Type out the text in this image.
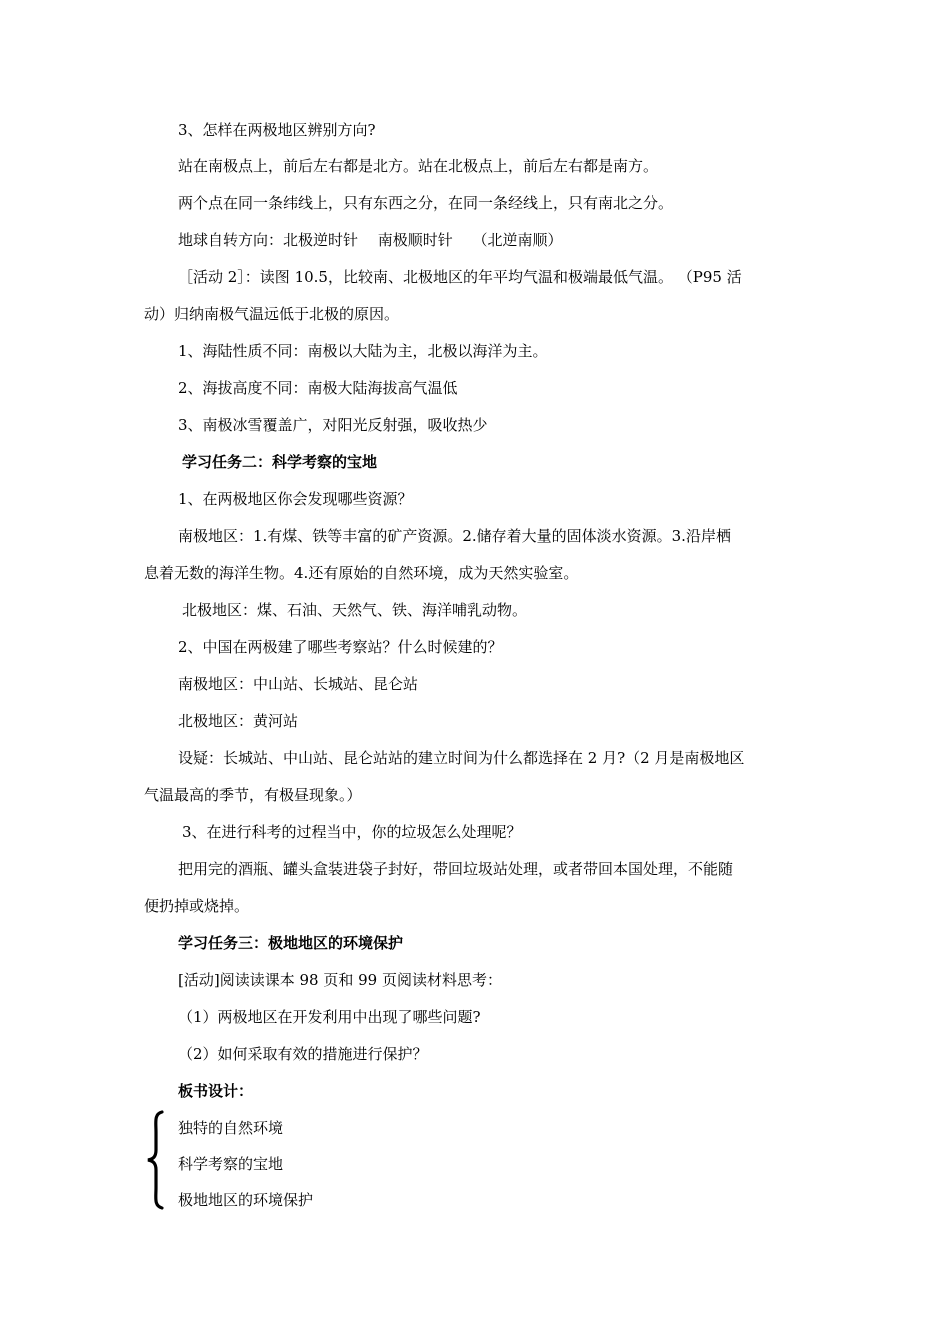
3、怎样在两极地区辨别方向?
站在南极点上，前后左右都是北方。站在北极点上，前后左右都是南方。
两个点在同一条纬线上，只有东西之分，在同一条经线上，只有南北之分。
地球自转方向：北极逆时针　 南极顺时针　 （北逆南顺）
［活动 2］：读图 10.5，比较南、北极地区的年平均气温和极端最低气温。 （P95 活
动）归纳南极气温远低于北极的原因。
1、海陆性质不同：南极以大陆为主，北极以海洋为主。
2、海拔高度不同：南极大陆海拔高气温低
3、南极冰雪覆盖广，对阳光反射强，吸收热少
学习任务二：科学考察的宝地
1、在两极地区你会发现哪些资源？
南极地区：1.有煤、铁等丰富的矿产资源。2.储存着大量的固体淡水资源。3.沿岸栖
息着无数的海洋生物。4.还有原始的自然环境，成为天然实验室。
北极地区：煤、石油、天然气、铁、海洋哺乳动物。
2、中国在两极建了哪些考察站？什么时候建的？
南极地区：中山站、长城站、昆仑站
北极地区：黄河站
设疑：长城站、中山站、昆仑站站的建立时间为什么都选择在 2 月?（2 月是南极地区
气温最高的季节，有极昼现象。）
3、在进行科考的过程当中，你的垃圾怎么处理呢？
把用完的酒瓶、罐头盒装进袋子封好，带回垃圾站处理，或者带回本国处理，不能随
便扔掉或烧掉。
学习任务三：极地地区的环境保护
[活动]阅读读课本 98 页和 99 页阅读材料思考：
（1）两极地区在开发利用中出现了哪些问题?
（2）如何采取有效的措施进行保护？
板书设计：
独特的自然环境
科学考察的宝地
极地地区的环境保护
